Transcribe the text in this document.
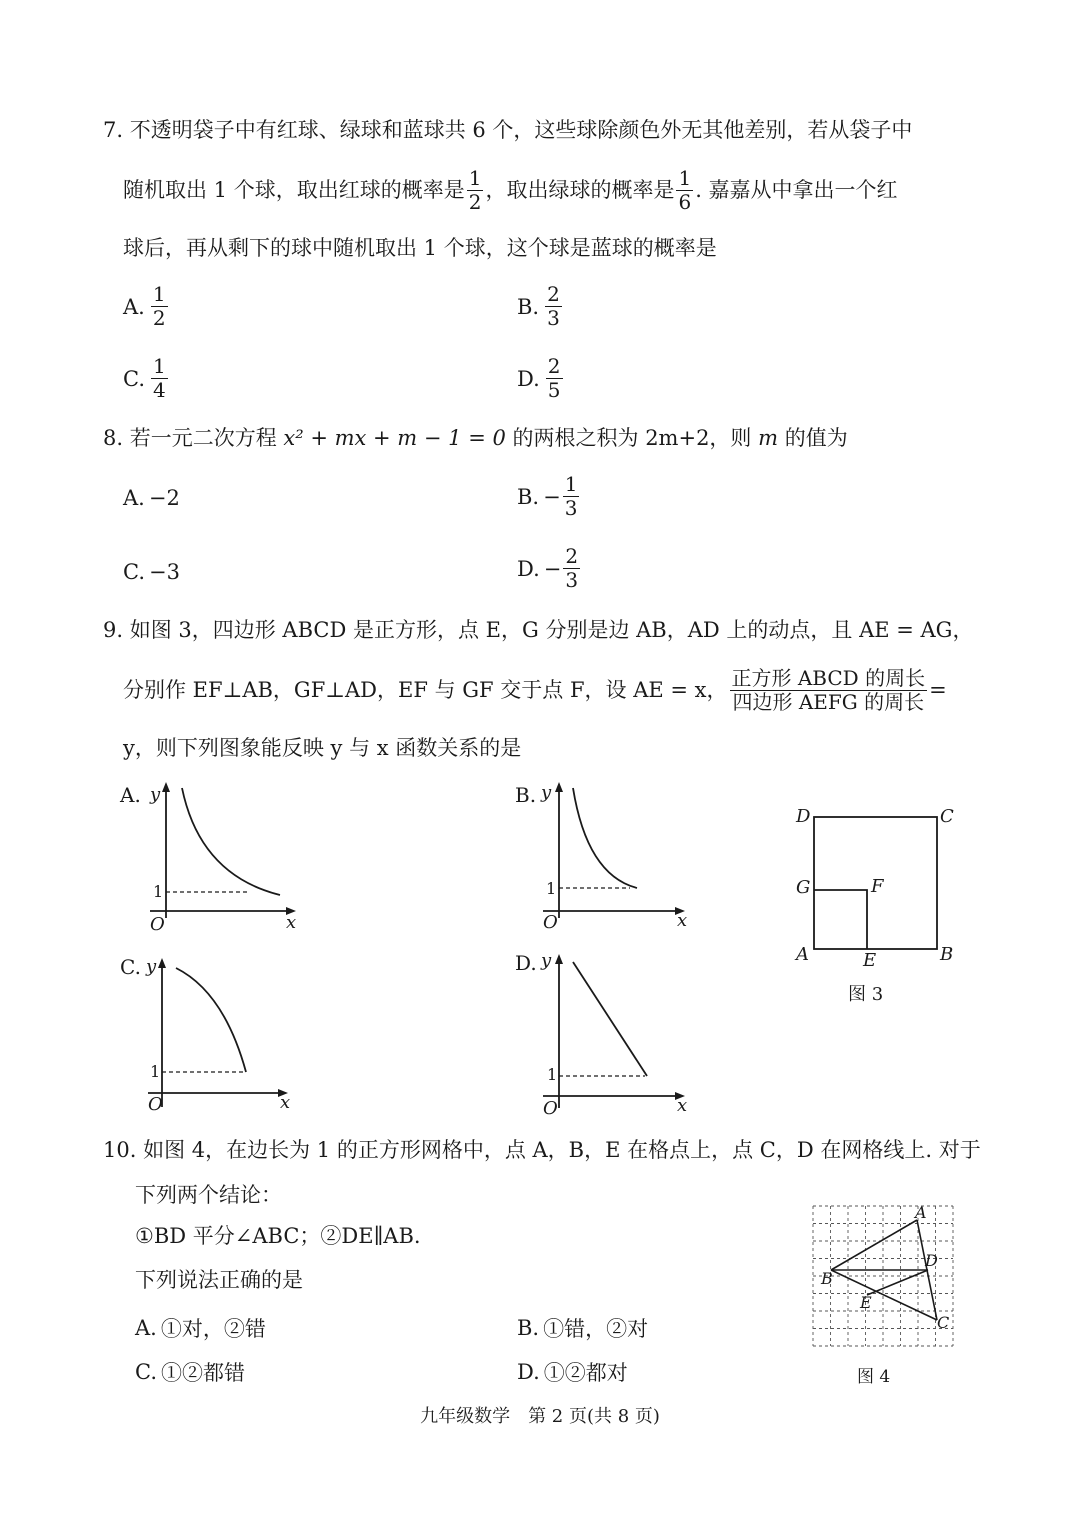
7. 不透明袋子中有红球、绿球和蓝球共 6 个，这些球除颜色外无其他差别，若从袋子中
随机取出 1 个球，取出红球的概率是 $\frac{1}{2}$ ，取出绿球的概率是 $\frac{1}{6}$ . 嘉嘉从中拿出一个红
球后，再从剩下的球中随机取出 1 个球，这个球是蓝球的概率是
A. $\frac{1}{2}$	B. $\frac{2}{3}$
C. $\frac{1}{4}$	D. $\frac{2}{5}$
8. 若一元二次方程 x² + mx + m − 1 = 0 的两根之积为 2m+2，则 m 的值为
A. −2	B. − $\frac{1}{3}$
C. −3	D. − $\frac{2}{3}$
9. 如图 3，四边形 ABCD 是正方形，点 E，G 分别是边 AB，AD 上的动点，且 AE = AG，
分别作 EF⊥AB，GF⊥AD，EF 与 GF 交于点 F，设 AE = x， $\frac{\text{正方形 ABCD 的周长}}{\text{四边形 AEFG 的周长}}$ =
y，则下列图象能反映 y 与 x 函数关系的是
A. y
x
O
1
B. y
x
O
1
C. y
x
O
1
D. y
x
O
1
D	C
G	F
A	E	B
图 3
10. 如图 4，在边长为 1 的正方形网格中，点 A，B，E 在格点上，点 C，D 在网格线上. 对于
下列两个结论：
①BD 平分∠ABC；②DE∥AB.
下列说法正确的是
A. ①对，②错	B. ①错，②对
C. ①②都错	D. ①②都对
A
B
C
D
E
图 4
九年级数学　第 2 页(共 8 页)
